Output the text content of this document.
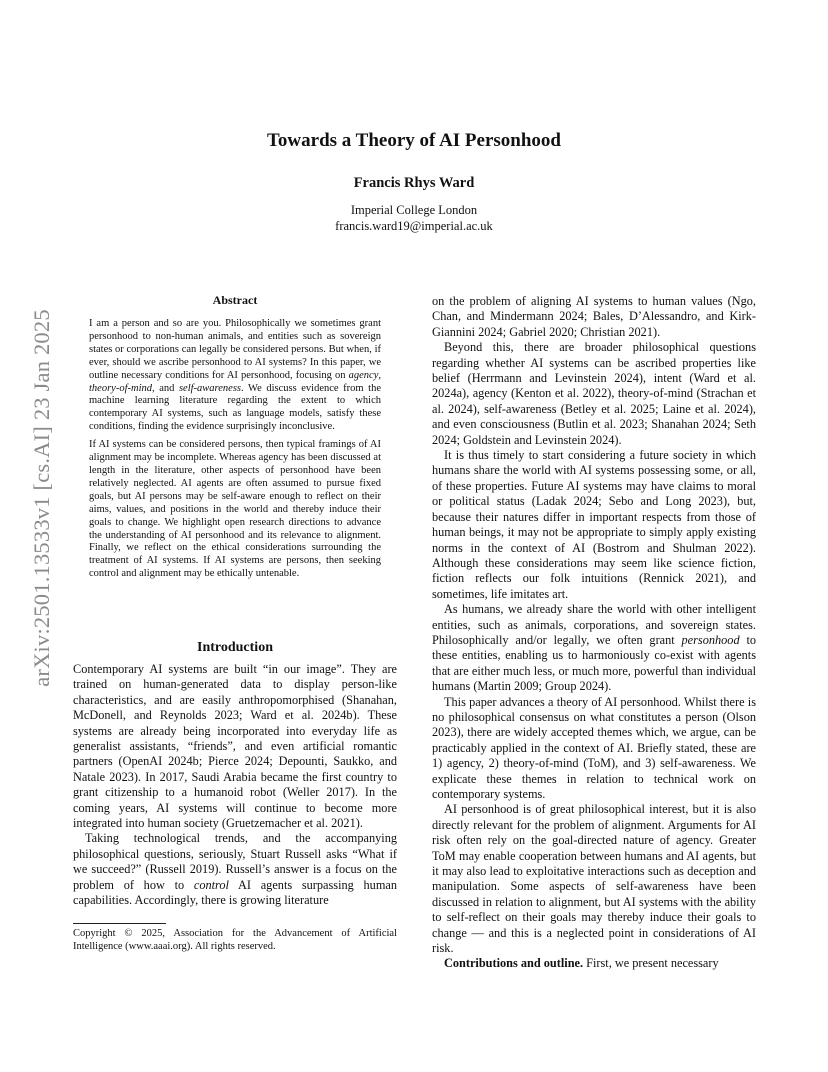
arXiv:2501.13533v1 [cs.AI] 23 Jan 2025
Towards a Theory of AI Personhood
Francis Rhys Ward
Imperial College London
francis.ward19@imperial.ac.uk
Abstract

I am a person and so are you. Philosophically we sometimes grant personhood to non-human animals, and entities such as sovereign states or corporations can legally be considered persons. But when, if ever, should we ascribe personhood to AI systems? In this paper, we outline necessary conditions for AI personhood, focusing on agency, theory-of-mind, and self-awareness. We discuss evidence from the machine learning literature regarding the extent to which contemporary AI systems, such as language models, satisfy these conditions, finding the evidence surprisingly inconclusive.

If AI systems can be considered persons, then typical framings of AI alignment may be incomplete. Whereas agency has been discussed at length in the literature, other aspects of personhood have been relatively neglected. AI agents are often assumed to pursue fixed goals, but AI persons may be self-aware enough to reflect on their aims, values, and positions in the world and thereby induce their goals to change. We highlight open research directions to advance the understanding of AI personhood and its relevance to alignment. Finally, we reflect on the ethical considerations surrounding the treatment of AI systems. If AI systems are persons, then seeking control and alignment may be ethically untenable.

Introduction

Contemporary AI systems are built “in our image”. They are trained on human-generated data to display person-like characteristics, and are easily anthropomorphised (Shanahan, McDonell, and Reynolds 2023; Ward et al. 2024b). These systems are already being incorporated into everyday life as generalist assistants, “friends”, and even artificial romantic partners (OpenAI 2024b; Pierce 2024; Depounti, Saukko, and Natale 2023). In 2017, Saudi Arabia became the first country to grant citizenship to a humanoid robot (Weller 2017). In the coming years, AI systems will continue to become more integrated into human society (Gruetzemacher et al. 2021).

Taking technological trends, and the accompanying philosophical questions, seriously, Stuart Russell asks “What if we succeed?” (Russell 2019). Russell’s answer is a focus on the problem of how to control AI agents surpassing human capabilities. Accordingly, there is growing literature

Copyright © 2025, Association for the Advancement of Artificial Intelligence (www.aaai.org). All rights reserved.

on the problem of aligning AI systems to human values (Ngo, Chan, and Mindermann 2024; Bales, D’Alessandro, and Kirk-Giannini 2024; Gabriel 2020; Christian 2021).

Beyond this, there are broader philosophical questions regarding whether AI systems can be ascribed properties like belief (Herrmann and Levinstein 2024), intent (Ward et al. 2024a), agency (Kenton et al. 2022), theory-of-mind (Strachan et al. 2024), self-awareness (Betley et al. 2025; Laine et al. 2024), and even consciousness (Butlin et al. 2023; Shanahan 2024; Seth 2024; Goldstein and Levinstein 2024).

It is thus timely to start considering a future society in which humans share the world with AI systems possessing some, or all, of these properties. Future AI systems may have claims to moral or political status (Ladak 2024; Sebo and Long 2023), but, because their natures differ in important respects from those of human beings, it may not be appropriate to simply apply existing norms in the context of AI (Bostrom and Shulman 2022). Although these considerations may seem like science fiction, fiction reflects our folk intuitions (Rennick 2021), and sometimes, life imitates art.

As humans, we already share the world with other intelligent entities, such as animals, corporations, and sovereign states. Philosophically and/or legally, we often grant personhood to these entities, enabling us to harmoniously co-exist with agents that are either much less, or much more, powerful than individual humans (Martin 2009; Group 2024).

This paper advances a theory of AI personhood. Whilst there is no philosophical consensus on what constitutes a person (Olson 2023), there are widely accepted themes which, we argue, can be practicably applied in the context of AI. Briefly stated, these are 1) agency, 2) theory-of-mind (ToM), and 3) self-awareness. We explicate these themes in relation to technical work on contemporary systems.

AI personhood is of great philosophical interest, but it is also directly relevant for the problem of alignment. Arguments for AI risk often rely on the goal-directed nature of agency. Greater ToM may enable cooperation between humans and AI agents, but it may also lead to exploitative interactions such as deception and manipulation. Some aspects of self-awareness have been discussed in relation to alignment, but AI systems with the ability to self-reflect on their goals may thereby induce their goals to change — and this is a neglected point in considerations of AI risk.

Contributions and outline. First, we present necessary
